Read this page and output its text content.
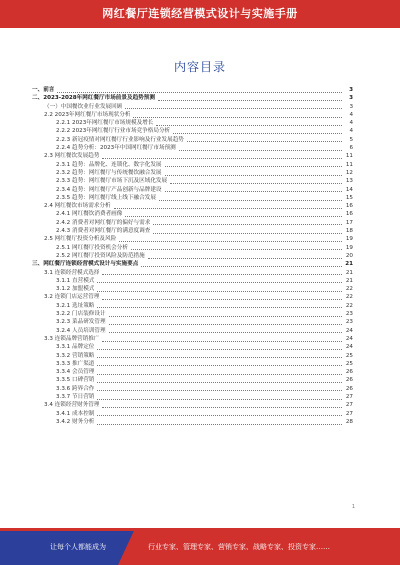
网红餐厅连锁经营模式设计与实施手册
内容目录
一、前言	3
二、2023-2028年网红餐厅市场前景及趋势预测	3
（一）中国餐饮业行业发展回顾	3
2.2 2023年网红餐厅市场现状分析	4
2.2.1 2023年网红餐厅市场规模及增长	4
2.2.2 2023年网红餐厅行业市场竞争格局分析	4
2.2.3 新冠疫情对网红餐厅行业影响及行业发展趋势	5
2.2.4 趋势分析：2023年中国网红餐厅市场预测	6
2.3 网红餐饮发展趋势	11
2.3.1 趋势：品牌化、连锁化、数字化发展	11
2.3.2 趋势：网红餐厅与传统餐饮融合发展	12
2.3.3 趋势：网红餐厅市场下沉及区域化发展	13
2.3.4 趋势：网红餐厅产品创新与品牌建设	14
2.3.5 趋势：网红餐厅线上线下融合发展	15
2.4 网红餐饮市场需求分析	16
2.4.1 网红餐饮消费者画像	16
2.4.2 消费者对网红餐厅的偏好与需求	17
2.4.3 消费者对网红餐厅的满意度调查	18
2.5 网红餐厅投资分析及风险	19
2.5.1 网红餐厅投资机会分析	19
2.5.2 网红餐厅投资风险及防范措施	20
三、网红餐厅连锁经营模式设计与实施要点	21
3.1 连锁经营模式选择	21
3.1.1 直营模式	21
3.1.2 加盟模式	22
3.2 连锁门店运营管理	22
3.2.1 选址策略	22
3.2.2 门店装修设计	23
3.2.3 菜品研发管理	23
3.2.4 人员培训管理	24
3.3 连锁品牌营销推广	24
3.3.1 品牌定位	24
3.3.2 营销策略	25
3.3.3 推广渠道	25
3.3.4 会员管理	26
3.3.5 口碑营销	26
3.3.6 跨界合作	26
3.3.7 节日营销	27
3.4 连锁经营财务管理	27
3.4.1 成本控制	27
3.4.2 财务分析	28
1
让每个人都能成为	行业专家、管理专家、营销专家、战略专家、投资专家……
